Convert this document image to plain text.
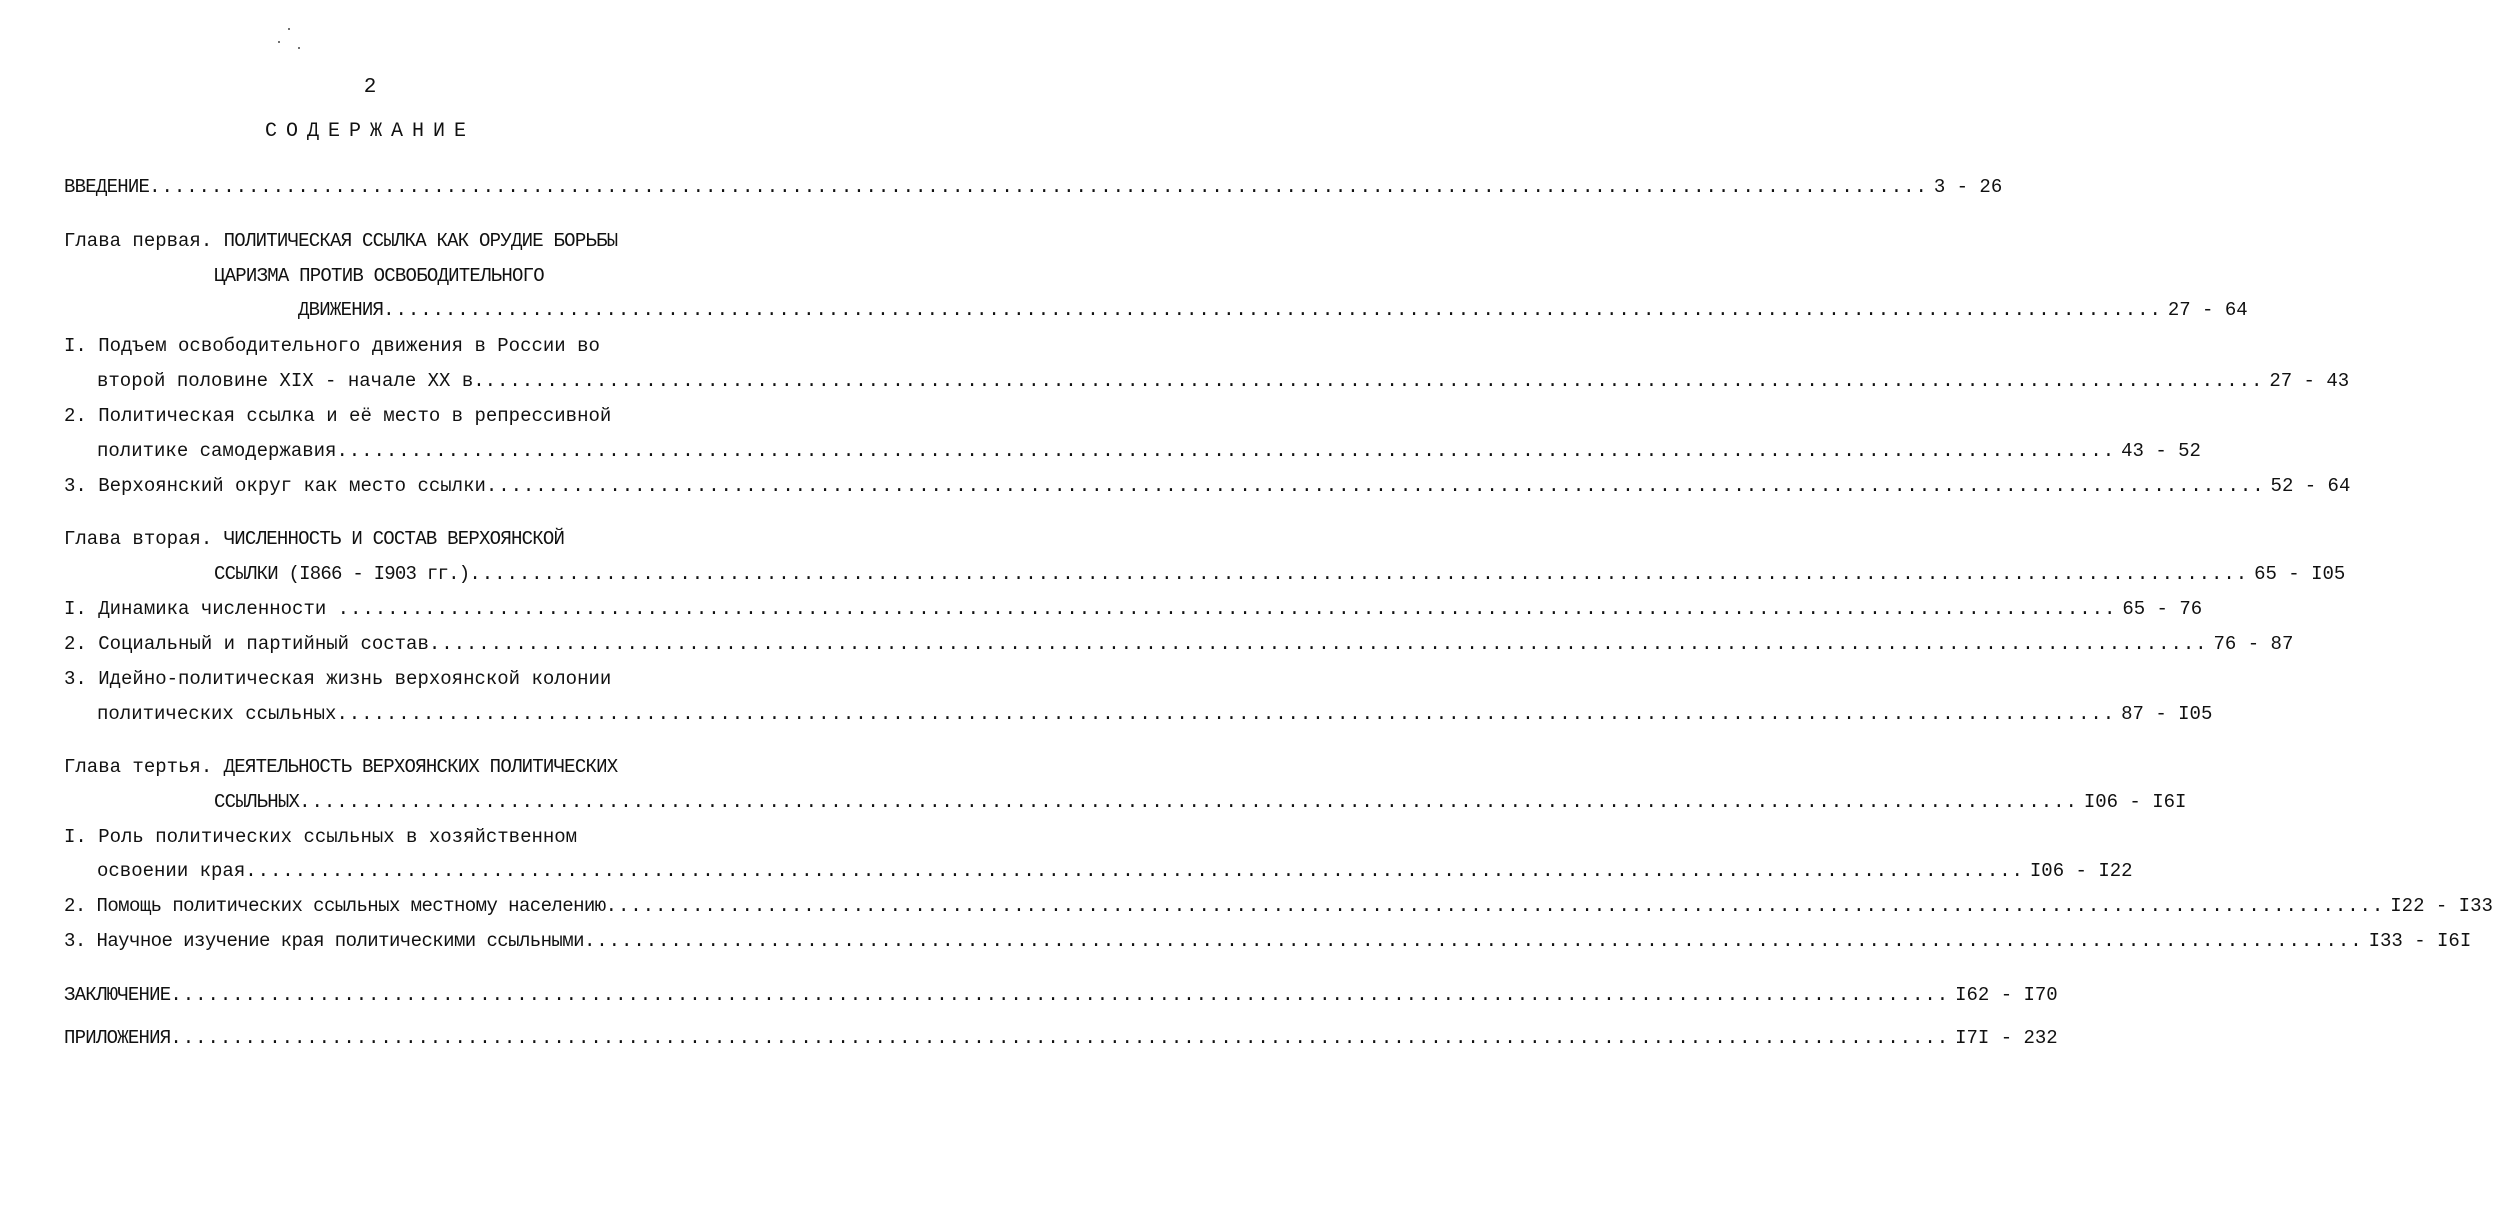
2
СОДЕРЖАНИЕ
ВВЕДЕНИЕ ................................................................................................................................................ 3 - 26
Глава первая. ПОЛИТИЧЕСКАЯ ССЫЛКА КАК ОРУДИЕ БОРЬБЫ
ЦАРИЗМА ПРОТИВ ОСВОБОДИТЕЛЬНОГО
ДВИЖЕНИЯ ................................................................................................................................................ 27 - 64
I. Подъем освободительного движения в России во
второй половине XIX - начале XX в. ................................................................................................................................................ 27 - 43
2. Политическая ссылка и её место в репрессивной
политике самодержавия ................................................................................................................................................ 43 - 52
3. Верхоянский округ как место ссылки ................................................................................................................................................ 52 - 64
Глава вторая. ЧИСЛЕННОСТЬ И СОСТАВ ВЕРХОЯНСКОЙ
ССЫЛКИ (I866 - I903 гг.) ................................................................................................................................................ 65 - I05
I. Динамика численности ................................................................................................................................................ 65 - 76
2. Социальный и партийный состав ................................................................................................................................................ 76 - 87
3. Идейно-политическая жизнь верхоянской колонии
политических ссыльных ................................................................................................................................................ 87 - I05
Глава тертья. ДЕЯТЕЛЬНОСТЬ ВЕРХОЯНСКИХ ПОЛИТИЧЕСКИХ
ССЫЛЬНЫХ ................................................................................................................................................ I06 - I6I
I. Роль политических ссыльных в хозяйственном
освоении края ................................................................................................................................................ I06 - I22
2. Помощь политических ссыльных местному населению ................................................................................................................................................ I22 - I33
3. Научное изучение края политическими ссыльными ................................................................................................................................................ I33 - I6I
ЗАКЛЮЧЕНИЕ ................................................................................................................................................ I62 - I70
ПРИЛОЖЕНИЯ ................................................................................................................................................ I7I - 232
